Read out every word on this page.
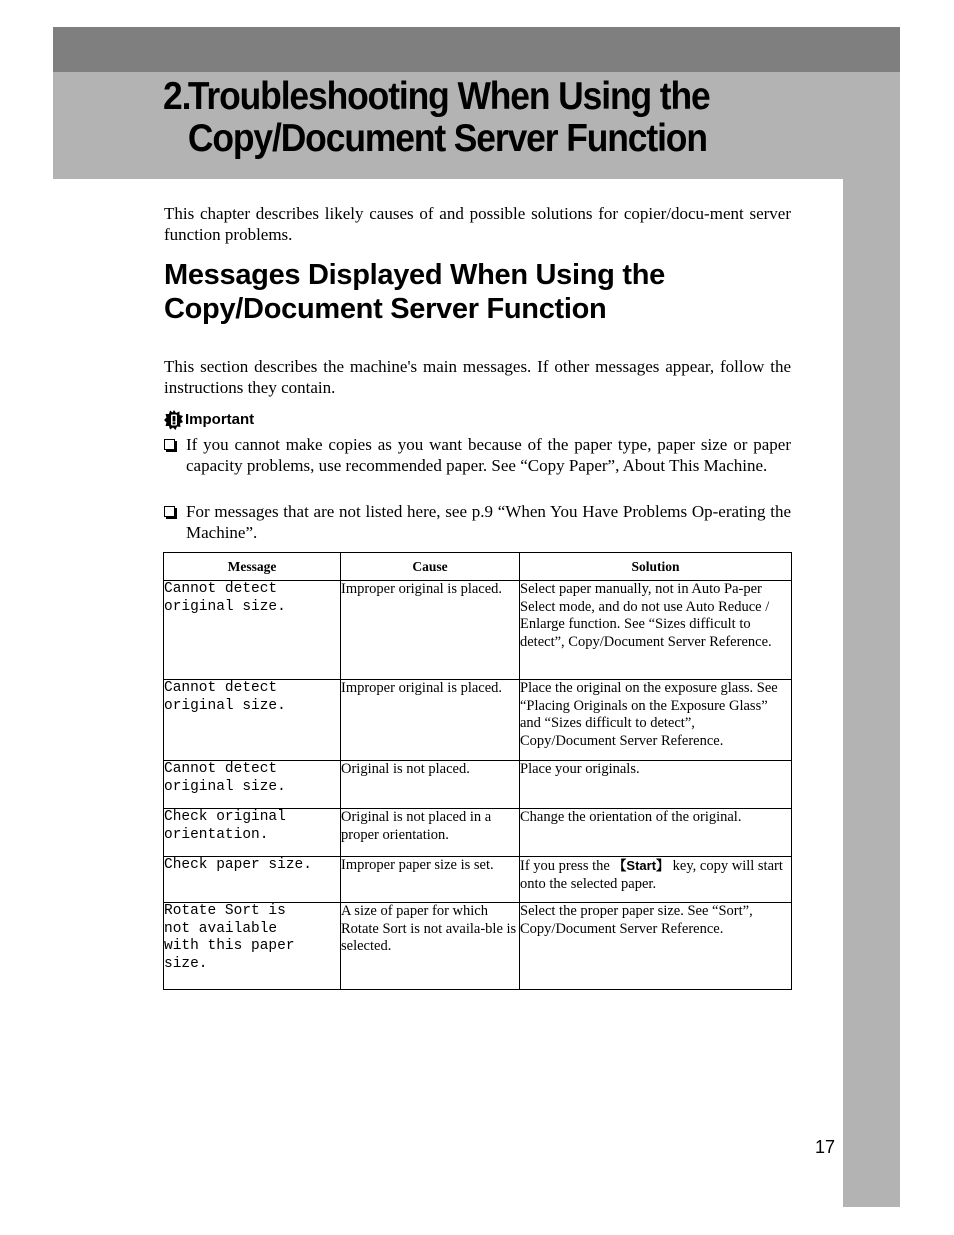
2.Troubleshooting When Using the
Copy/Document Server Function

This chapter describes likely causes of and possible solutions for copier/docu-ment server function problems.

Messages Displayed When Using the
Copy/Document Server Function

This section describes the machine's main messages. If other messages appear, follow the instructions they contain.

Important
If you cannot make copies as you want because of the paper type, paper size or paper capacity problems, use recommended paper. See “Copy Paper”, About This Machine.
For messages that are not listed here, see p.9 “When You Have Problems Op-erating the Machine”.
Message	Cause	Solution

Cannot detect
original size.	Improper original is placed.	Select paper manually, not in Auto Pa-per Select mode, and do not use Auto Reduce / Enlarge function. See “Sizes difficult to detect”, Copy/Document Server Reference.

Cannot detect
original size.	Improper original is placed.	Place the original on the exposure glass. See “Placing Originals on the Exposure Glass” and “Sizes difficult to detect”, Copy/Document Server Reference.

Cannot detect
original size.	Original is not placed.	Place your originals.

Check original
orientation.	Original is not placed in a proper orientation.	Change the orientation of the original.

Check paper size.	Improper paper size is set.	If you press the 【Start】 key, copy will start onto the selected paper.

Rotate Sort is
not available
with this paper
size.	A size of paper for which Rotate Sort is not availa-ble is selected.	Select the proper paper size. See “Sort”, Copy/Document Server Reference.
17
